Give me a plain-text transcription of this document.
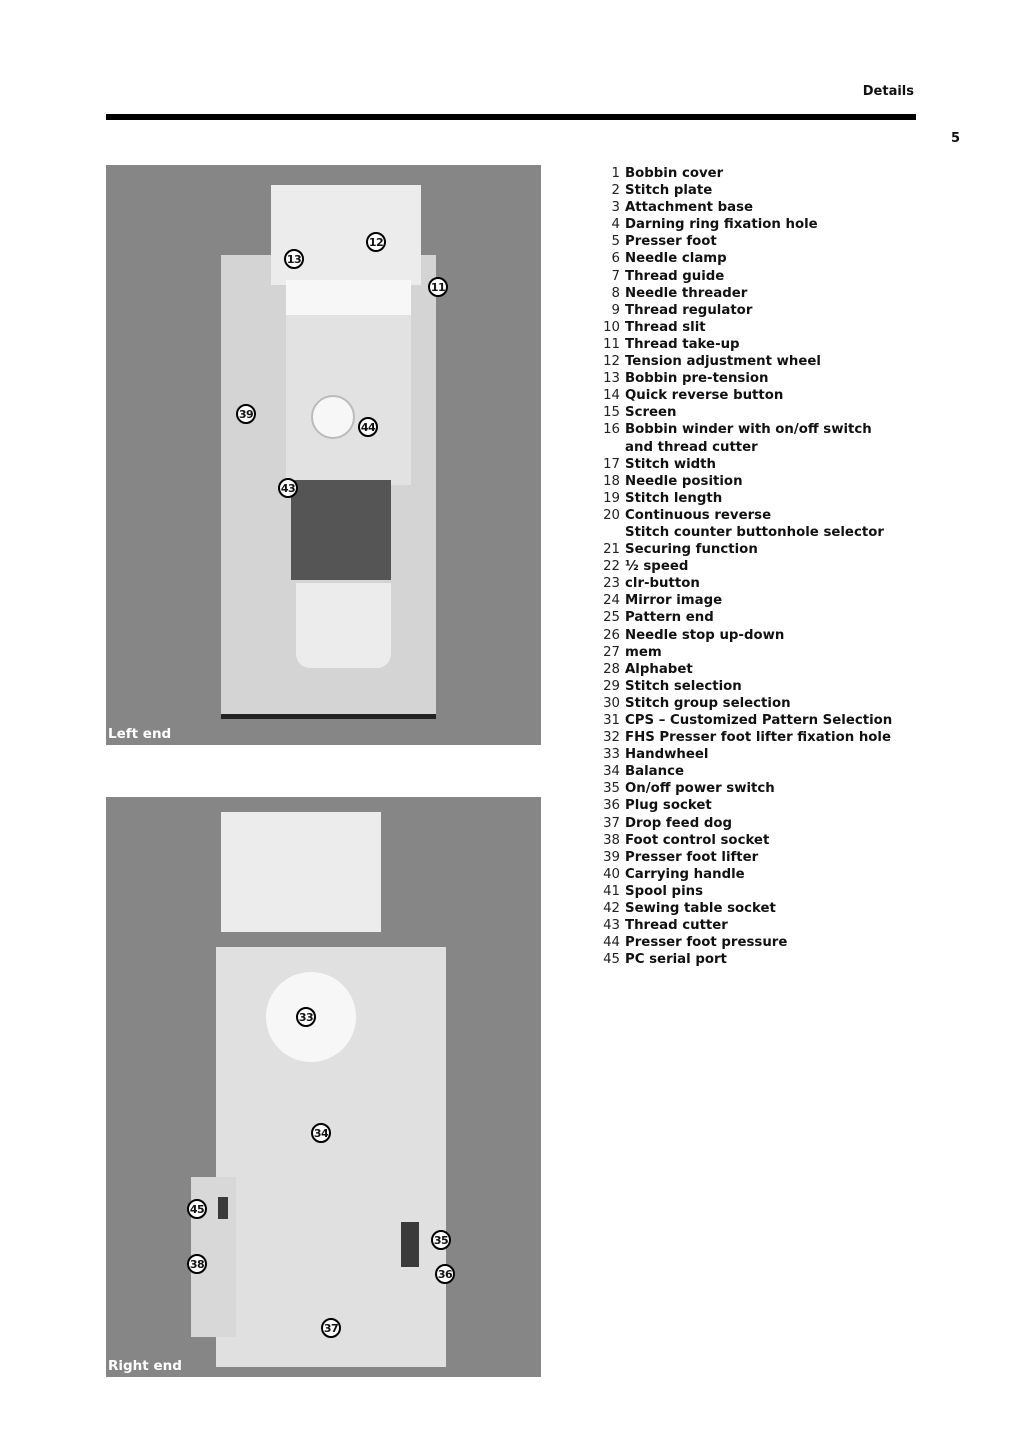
Details
5
13
12
11
39
44
43
Left end
33
34
45
38
35
36
37
Right end
1 Bobbin cover
2 Stitch plate
3 Attachment base
4 Darning ring fixation hole
5 Presser foot
6 Needle clamp
7 Thread guide
8 Needle threader
9 Thread regulator
10 Thread slit
11 Thread take-up
12 Tension adjustment wheel
13 Bobbin pre-tension
14 Quick reverse button
15 Screen
16 Bobbin winder with on/off switch
and thread cutter
17 Stitch width
18 Needle position
19 Stitch length
20 Continuous reverse
Stitch counter buttonhole selector
21 Securing function
22 ½ speed
23 clr-button
24 Mirror image
25 Pattern end
26 Needle stop up-down
27 mem
28 Alphabet
29 Stitch selection
30 Stitch group selection
31 CPS – Customized Pattern Selection
32 FHS Presser foot lifter fixation hole
33 Handwheel
34 Balance
35 On/off power switch
36 Plug socket
37 Drop feed dog
38 Foot control socket
39 Presser foot lifter
40 Carrying handle
41 Spool pins
42 Sewing table socket
43 Thread cutter
44 Presser foot pressure
45 PC serial port
